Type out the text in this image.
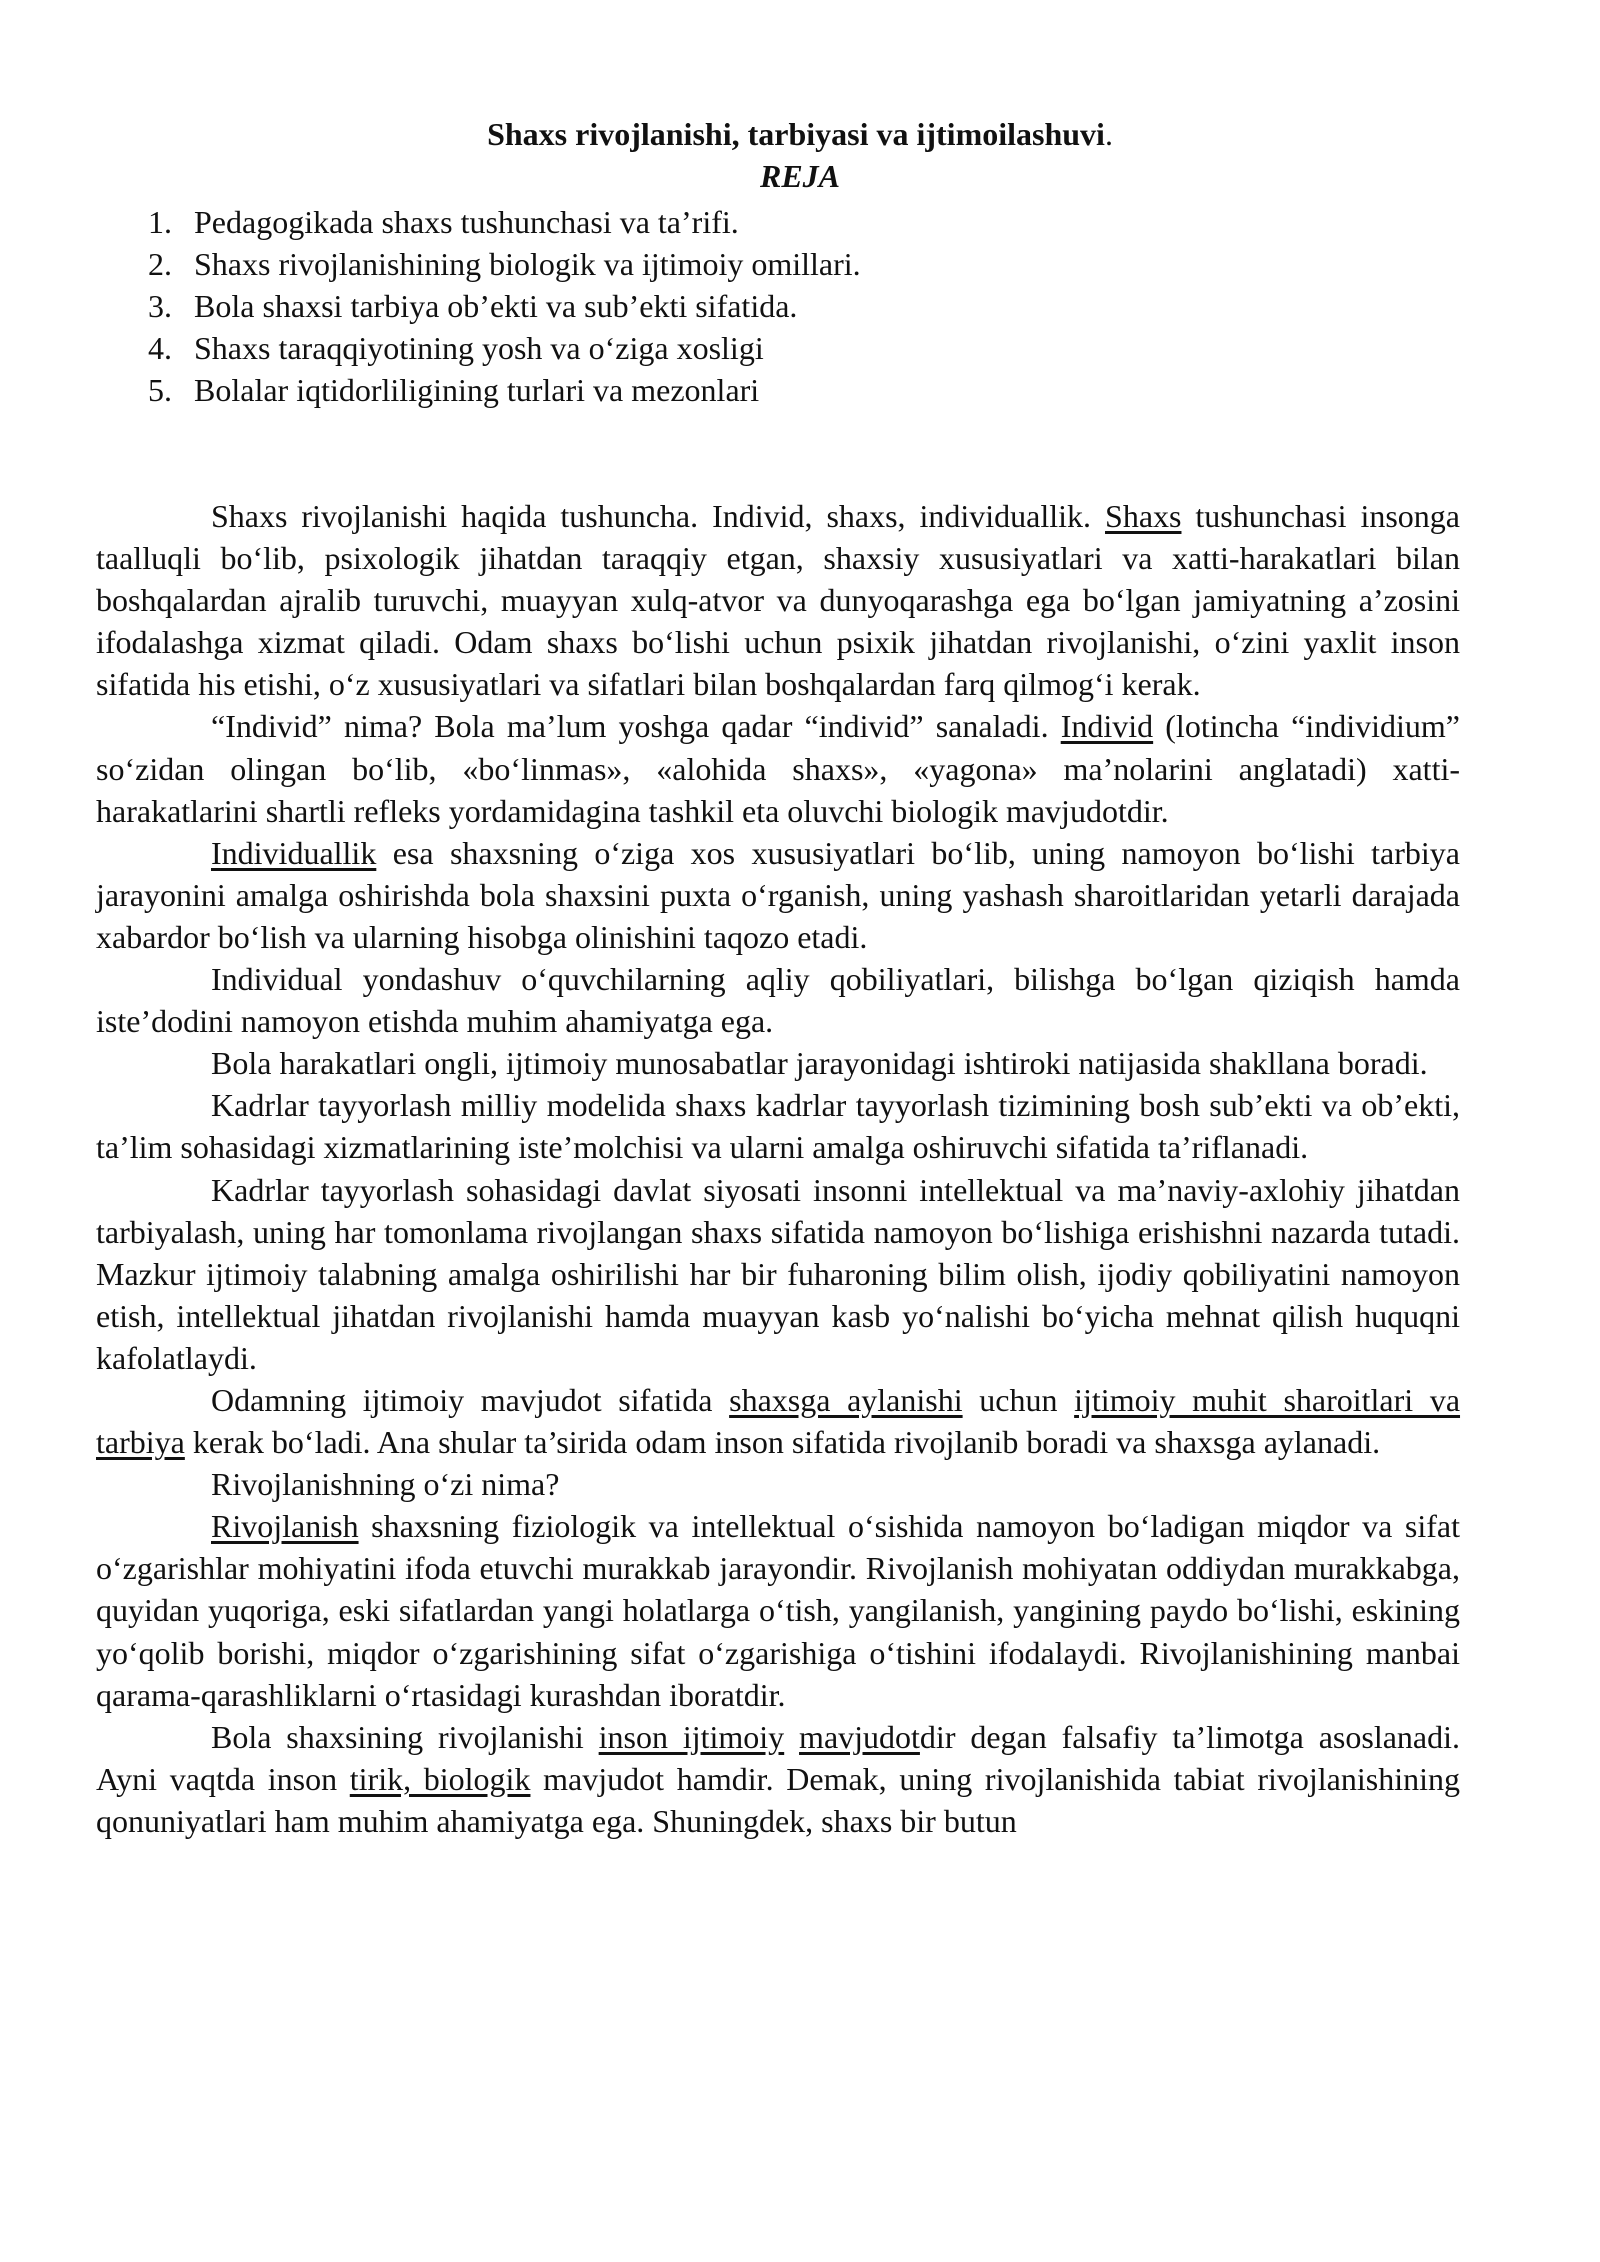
Shaxs rivojlanishi, tarbiyasi va ijtimoilashuvi.
REJA
1. Pedagogikada shaxs tushunchasi va ta’rifi.
2. Shaxs rivojlanishining biologik va ijtimoiy omillari.
3. Bola shaxsi tarbiya ob’ekti va sub’ekti sifatida.
4. Shaxs taraqqiyotining yosh va o‘ziga xosligi
5. Bolalar iqtidorliligining turlari va mezonlari

Shaxs rivojlanishi haqida tushuncha. Individ, shaxs, individuallik. Shaxs tushunchasi insonga taalluqli bo‘lib, psixologik jihatdan taraqqiy etgan, shaxsiy xususiyatlari va xatti-harakatlari bilan boshqalardan ajralib turuvchi, muayyan xulq-atvor va dunyoqarashga ega bo‘lgan jamiyatning a’zosini ifodalashga xizmat qiladi. Odam shaxs bo‘lishi uchun psixik jihatdan rivojlanishi, o‘zini yaxlit inson sifatida his etishi, o‘z xususiyatlari va sifatlari bilan boshqalardan farq qilmog‘i kerak.

“Individ” nima? Bola ma’lum yoshga qadar “individ” sanaladi. Individ (lotincha “individium” so‘zidan olingan bo‘lib, «bo‘linmas», «alohida shaxs», «yagona» ma’nolarini anglatadi) xatti-harakatlarini shartli refleks yordamidagina tashkil eta oluvchi biologik mavjudotdir.

Individuallik esa shaxsning o‘ziga xos xususiyatlari bo‘lib, uning namoyon bo‘lishi tarbiya jarayonini amalga oshirishda bola shaxsini puxta o‘rganish, uning yashash sharoitlaridan yetarli darajada xabardor bo‘lish va ularning hisobga olinishini taqozo etadi.

Individual yondashuv o‘quvchilarning aqliy qobiliyatlari, bilishga bo‘lgan qiziqish hamda iste’dodini namoyon etishda muhim ahamiyatga ega.

Bola harakatlari ongli, ijtimoiy munosabatlar jarayonidagi ishtiroki natijasida shakllana boradi.

Kadrlar tayyorlash milliy modelida shaxs kadrlar tayyorlash tizimining bosh sub’ekti va ob’ekti, ta’lim sohasidagi xizmatlarining iste’molchisi va ularni amalga oshiruvchi sifatida ta’riflanadi.

Kadrlar tayyorlash sohasidagi davlat siyosati insonni intellektual va ma’naviy-axlohiy jihatdan tarbiyalash, uning har tomonlama rivojlangan shaxs sifatida namoyon bo‘lishiga erishishni nazarda tutadi. Mazkur ijtimoiy talabning amalga oshirilishi har bir fuharoning bilim olish, ijodiy qobiliyatini namoyon etish, intellektual jihatdan rivojlanishi hamda muayyan kasb yo‘nalishi bo‘yicha mehnat qilish huquqni kafolatlaydi.

Odamning ijtimoiy mavjudot sifatida shaxsga aylanishi uchun ijtimoiy muhit sharoitlari va tarbiya kerak bo‘ladi. Ana shular ta’sirida odam inson sifatida rivojlanib boradi va shaxsga aylanadi.

Rivojlanishning o‘zi nima?

Rivojlanish shaxsning fiziologik va intellektual o‘sishida namoyon bo‘ladigan miqdor va sifat o‘zgarishlar mohiyatini ifoda etuvchi murakkab jarayondir. Rivojlanish mohiyatan oddiydan murakkabga, quyidan yuqoriga, eski sifatlardan yangi holatlarga o‘tish, yangilanish, yangining paydo bo‘lishi, eskining yo‘qolib borishi, miqdor o‘zgarishining sifat o‘zgarishiga o‘tishini ifodalaydi. Rivojlanishining manbai qarama-qarashliklarni o‘rtasidagi kurashdan iboratdir.

Bola shaxsining rivojlanishi inson ijtimoiy mavjudotdir degan falsafiy ta’limotga asoslanadi. Ayni vaqtda inson tirik, biologik mavjudot hamdir. Demak, uning rivojlanishida tabiat rivojlanishining qonuniyatlari ham muhim ahamiyatga ega. Shuningdek, shaxs bir butun
